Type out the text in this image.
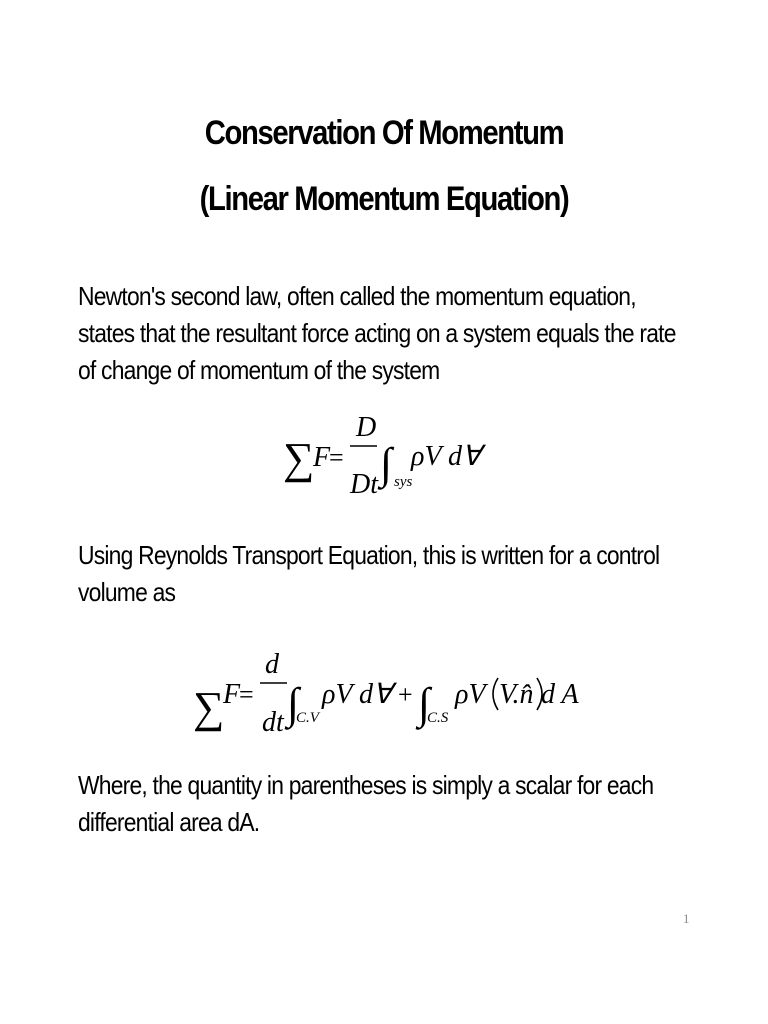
Conservation Of Momentum
(Linear Momentum Equation)
Newton's second law, often called the momentum equation,
states that the resultant force acting on a system equals the rate
of change of momentum of the system
∑
F
=
D
Dt ∫ sys
ρV d∀
Using Reynolds Transport Equation, this is written for a control
volume as
∑
F
=
d
dt ∫
C.V
ρV d∀ + ∫
C.S
ρV V.n̂ d A
Where, the quantity in parentheses is simply a scalar for each
differential area dA.
1
